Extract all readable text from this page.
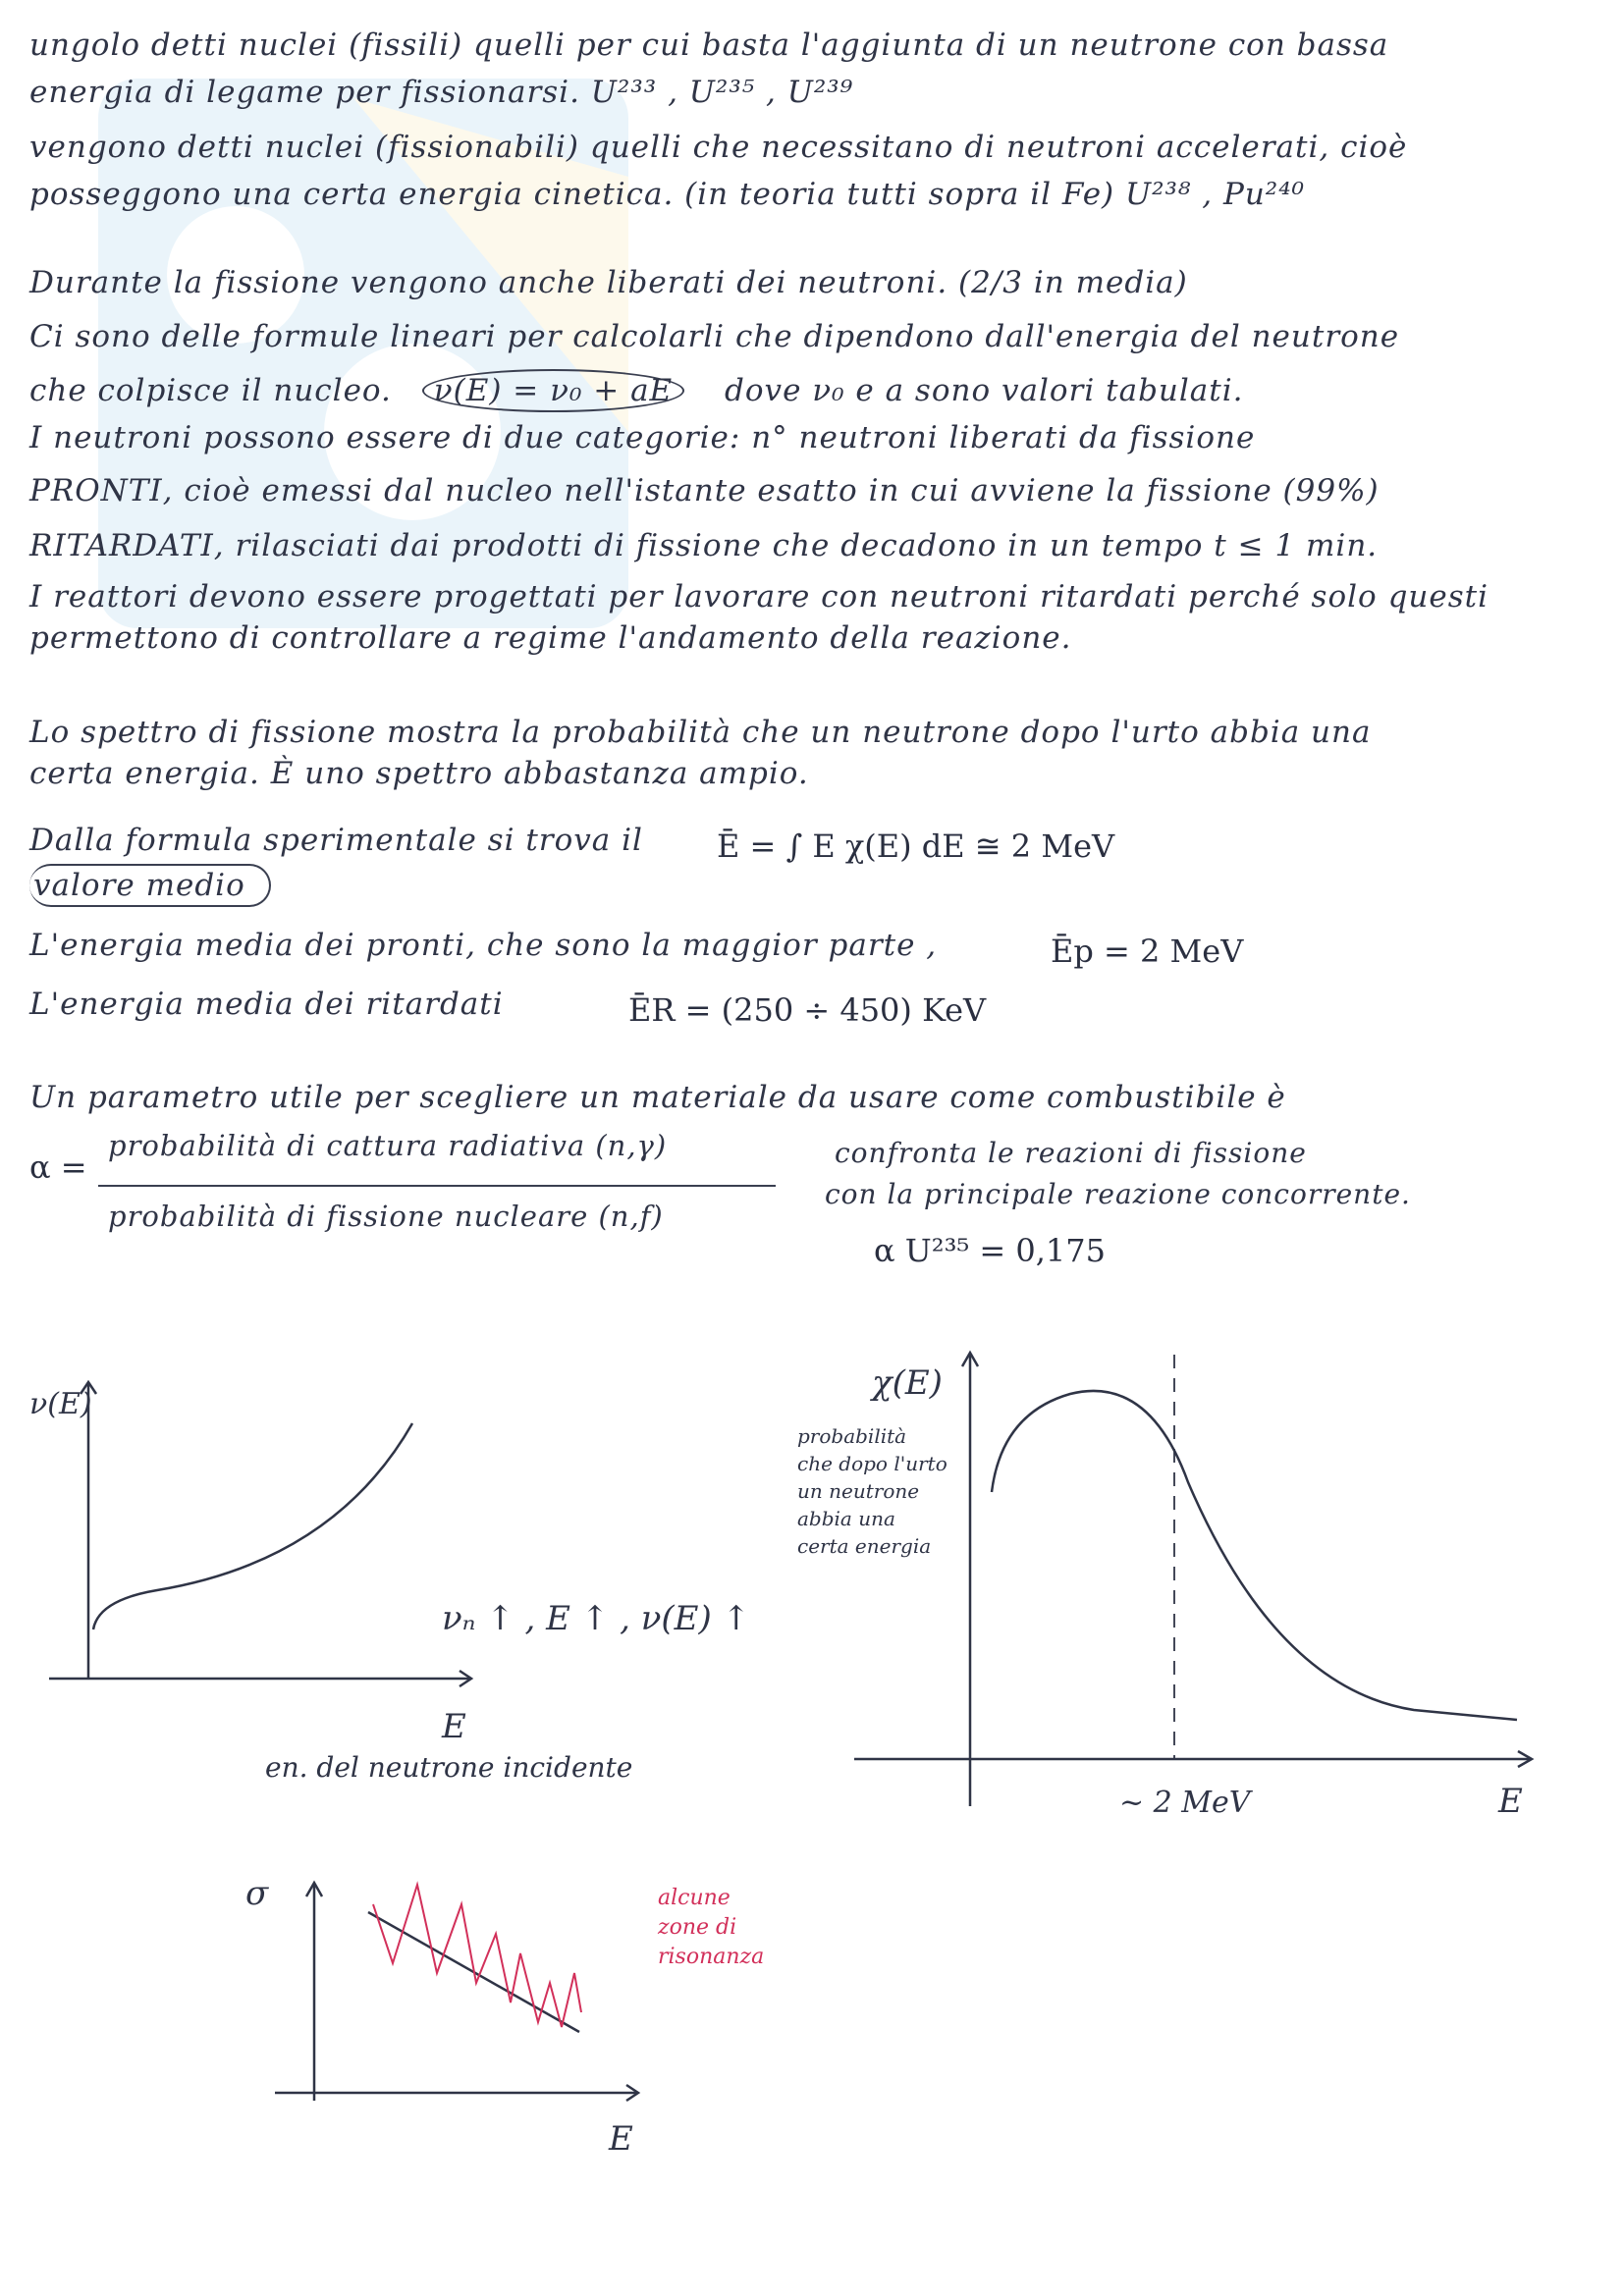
ungolo detti nuclei (fissili) quelli per cui basta l'aggiunta di un neutrone con bassa
energia di legame per fissionarsi. U²³³ , U²³⁵ , U²³⁹
vengono detti nuclei (fissionabili) quelli che necessitano di neutroni accelerati, cioè
posseggono una certa energia cinetica. (in teoria tutti sopra il Fe) U²³⁸ , Pu²⁴⁰
Durante la fissione vengono anche liberati dei neutroni. (2/3 in media)
Ci sono delle formule lineari per calcolarli che dipendono dall'energia del neutrone
che colpisce il nucleo. ν(E) = ν₀ + aE dove ν₀ e a sono valori tabulati.
I neutroni possono essere di due categorie: n° neutroni liberati da fissione
PRONTI, cioè emessi dal nucleo nell'istante esatto in cui avviene la fissione (99%)
RITARDATI, rilasciati dai prodotti di fissione che decadono in un tempo t ≤ 1 min.
I reattori devono essere progettati per lavorare con neutroni ritardati perché solo questi
permettono di controllare a regime l'andamento della reazione.
Lo spettro di fissione mostra la probabilità che un neutrone dopo l'urto abbia una
certa energia. È uno spettro abbastanza ampio.
Dalla formula sperimentale si trova il Ē = ∫ E χ(E) dE ≅ 2 MeV
valore medio
L'energia media dei pronti, che sono la maggior parte ,	Ēp = 2 MeV
L'energia media dei ritardati	ĒR = (250 ÷ 450) KeV
Un parametro utile per scegliere un materiale da usare come combustibile è
α =
probabilità di cattura radiativa (n,γ)
probabilità di fissione nucleare (n,f)
confronta le reazioni di fissione
con la principale reazione concorrente.
α U²³⁵ = 0,175
ν(E)
E
en. del neutrone incidente
νₙ ↑ , E ↑ , ν(E) ↑
χ(E)
probabilità
che dopo l'urto
un neutrone
abbia una
certa energia
~ 2 MeV	E
σ
E
alcune
zone di
risonanza
